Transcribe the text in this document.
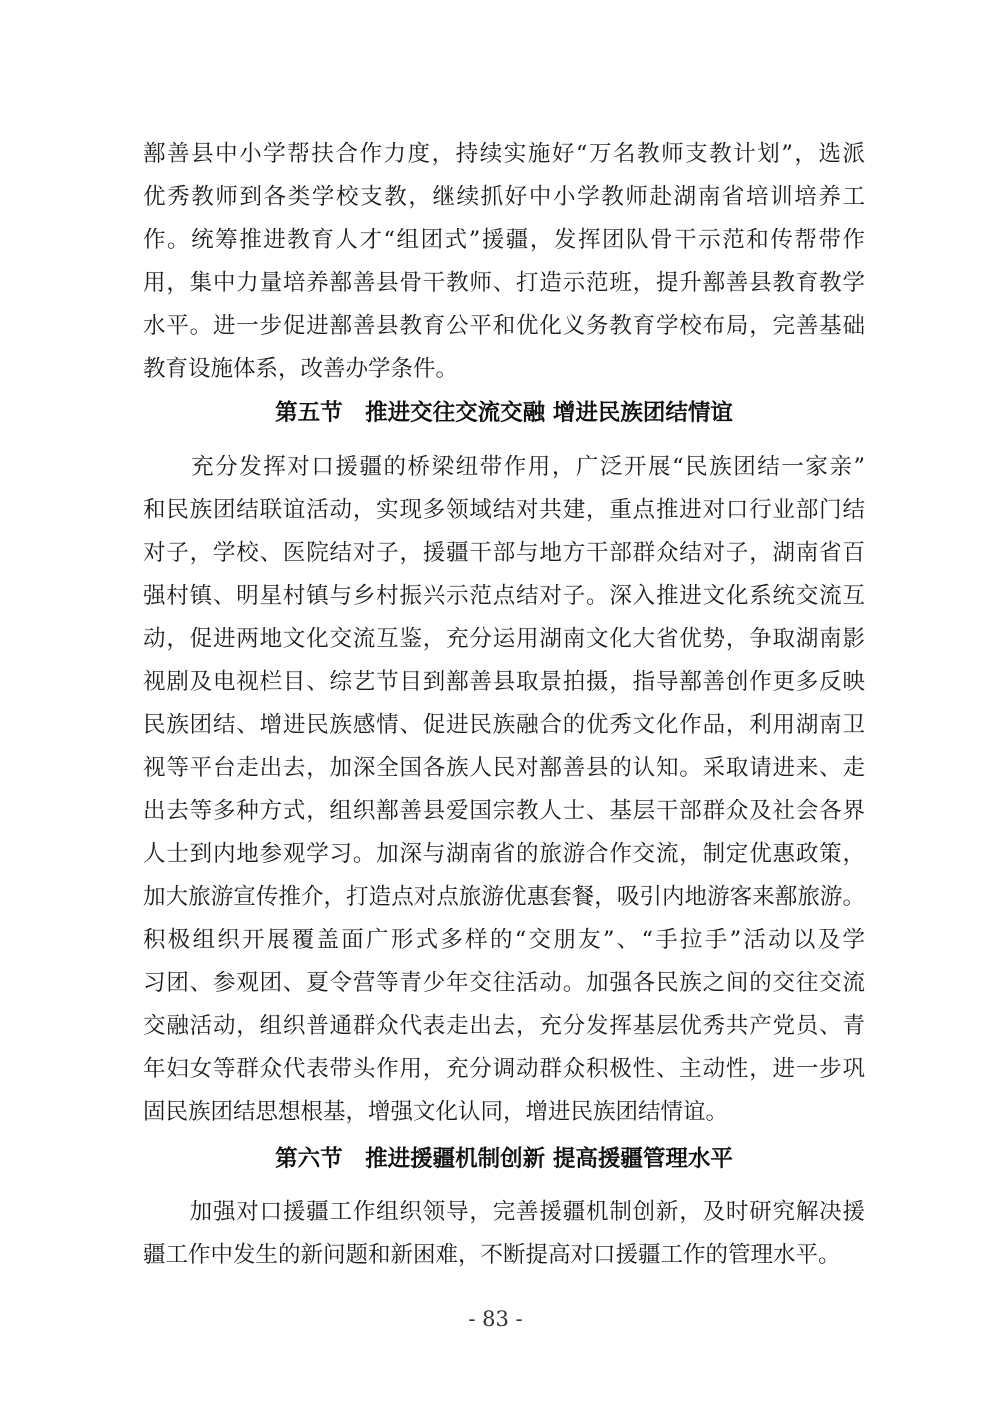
鄯善县中小学帮扶合作力度，持续实施好“万名教师支教计划”，选派
优秀教师到各类学校支教，继续抓好中小学教师赴湖南省培训培养工
作。统筹推进教育人才“组团式”援疆，发挥团队骨干示范和传帮带作
用，集中力量培养鄯善县骨干教师、打造示范班，提升鄯善县教育教学
水平。进一步促进鄯善县教育公平和优化义务教育学校布局，完善基础
教育设施体系，改善办学条件。
第五节　推进交往交流交融 增进民族团结情谊
　　充分发挥对口援疆的桥梁纽带作用，广泛开展“民族团结一家亲”
和民族团结联谊活动，实现多领域结对共建，重点推进对口行业部门结
对子，学校、医院结对子，援疆干部与地方干部群众结对子，湖南省百
强村镇、明星村镇与乡村振兴示范点结对子。深入推进文化系统交流互
动，促进两地文化交流互鉴，充分运用湖南文化大省优势，争取湖南影
视剧及电视栏目、综艺节目到鄯善县取景拍摄，指导鄯善创作更多反映
民族团结、增进民族感情、促进民族融合的优秀文化作品，利用湖南卫
视等平台走出去，加深全国各族人民对鄯善县的认知。采取请进来、走
出去等多种方式，组织鄯善县爱国宗教人士、基层干部群众及社会各界
人士到内地参观学习。加深与湖南省的旅游合作交流，制定优惠政策，
加大旅游宣传推介，打造点对点旅游优惠套餐，吸引内地游客来鄯旅游。
积极组织开展覆盖面广形式多样的“交朋友”、“手拉手”活动以及学
习团、参观团、夏令营等青少年交往活动。加强各民族之间的交往交流
交融活动，组织普通群众代表走出去，充分发挥基层优秀共产党员、青
年妇女等群众代表带头作用，充分调动群众积极性、主动性，进一步巩
固民族团结思想根基，增强文化认同，增进民族团结情谊。
第六节　推进援疆机制创新 提高援疆管理水平
　　加强对口援疆工作组织领导，完善援疆机制创新，及时研究解决援
疆工作中发生的新问题和新困难，不断提高对口援疆工作的管理水平。
- 83 -
